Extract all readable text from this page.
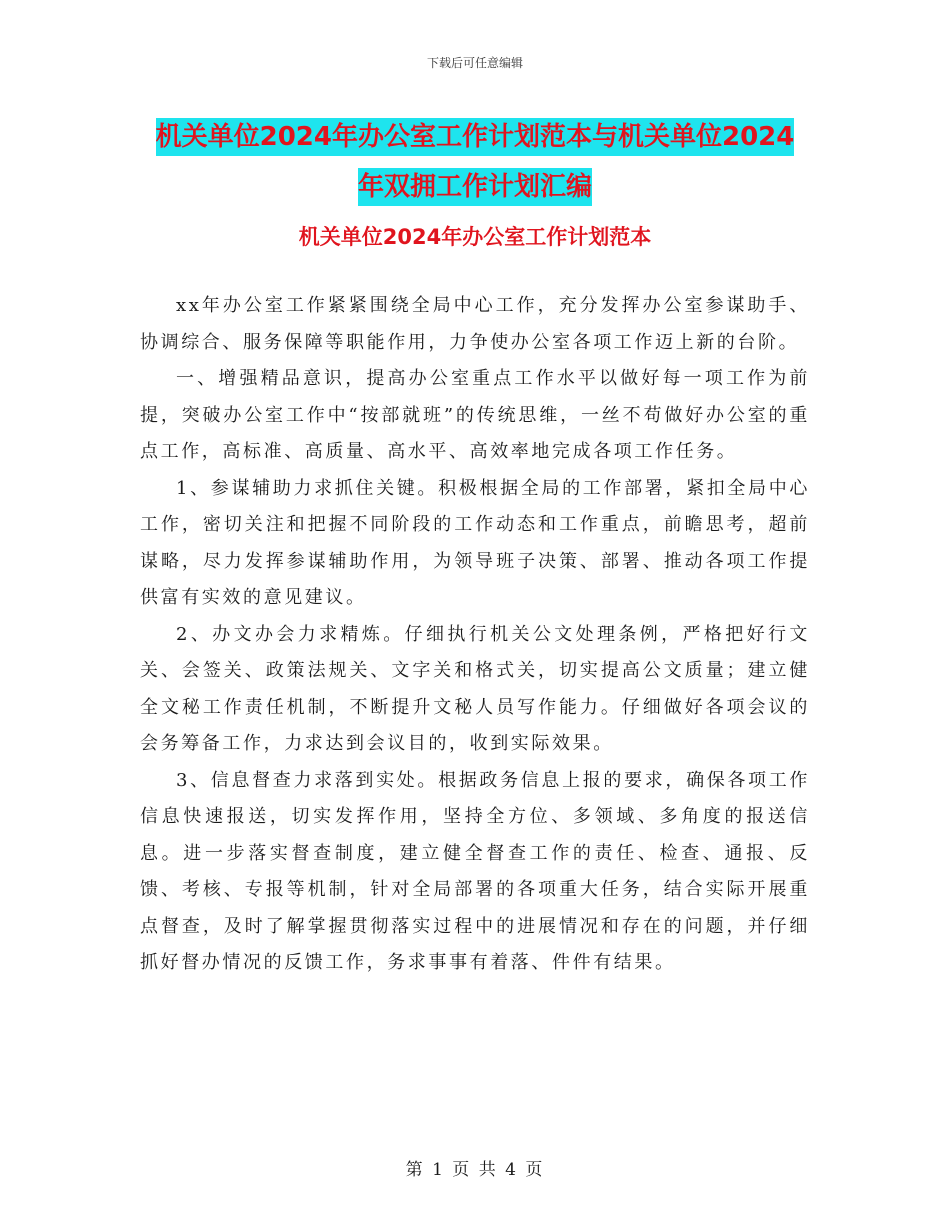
下载后可任意编辑
机关单位2024年办公室工作计划范本与机关单位2024
年双拥工作计划汇编
机关单位2024年办公室工作计划范本

xx年办公室工作紧紧围绕全局中心工作，充分发挥办公室参谋助手、协调综合、服务保障等职能作用，力争使办公室各项工作迈上新的台阶。

一、增强精品意识，提高办公室重点工作水平以做好每一项工作为前提，突破办公室工作中“按部就班”的传统思维，一丝不苟做好办公室的重点工作，高标准、高质量、高水平、高效率地完成各项工作任务。

1、参谋辅助力求抓住关键。积极根据全局的工作部署，紧扣全局中心工作，密切关注和把握不同阶段的工作动态和工作重点，前瞻思考，超前谋略，尽力发挥参谋辅助作用，为领导班子决策、部署、推动各项工作提供富有实效的意见建议。

2、办文办会力求精炼。仔细执行机关公文处理条例，严格把好行文关、会签关、政策法规关、文字关和格式关，切实提高公文质量；建立健全文秘工作责任机制，不断提升文秘人员写作能力。仔细做好各项会议的会务筹备工作，力求达到会议目的，收到实际效果。

3、信息督查力求落到实处。根据政务信息上报的要求，确保各项工作信息快速报送，切实发挥作用，坚持全方位、多领域、多角度的报送信息。进一步落实督查制度，建立健全督查工作的责任、检查、通报、反馈、考核、专报等机制，针对全局部署的各项重大任务，结合实际开展重点督查，及时了解掌握贯彻落实过程中的进展情况和存在的问题，并仔细抓好督办情况的反馈工作，务求事事有着落、件件有结果。

第 1 页 共 4 页
